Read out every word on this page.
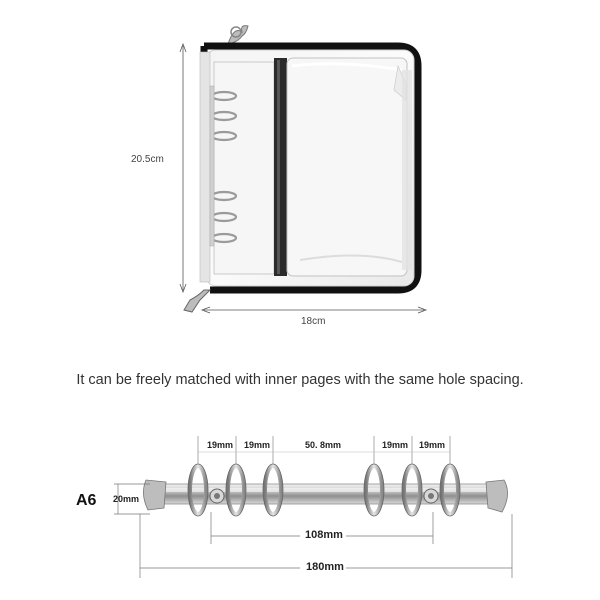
20.5cm
18cm
It can be freely matched with inner pages with the same hole spacing.
19mm 19mm	50. 8mm	19mm 19mm
A6 20mm
108mm
180mm
